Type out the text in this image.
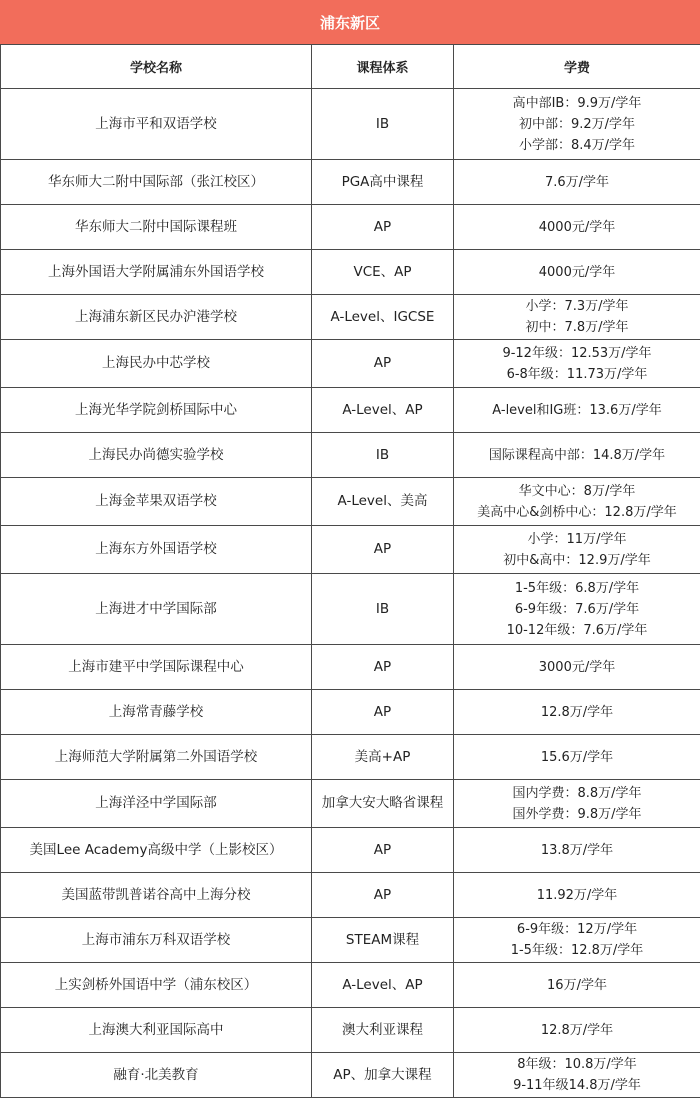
浦东新区
学校名称	课程体系	学费
上海市平和双语学校	IB	高中部IB：9.9万/学年
初中部：9.2万/学年
小学部：8.4万/学年

华东师大二附中国际部（张江校区）	PGA高中课程	7.6万/学年

华东师大二附中国际课程班	AP	4000元/学年

上海外国语大学附属浦东外国语学校	VCE、AP	4000元/学年

上海浦东新区民办沪港学校	A-Level、IGCSE	小学：7.3万/学年
初中：7.8万/学年

上海民办中芯学校	AP	9-12年级：12.53万/学年
6-8年级：11.73万/学年

上海光华学院剑桥国际中心	A-Level、AP	A-level和IG班：13.6万/学年

上海民办尚德实验学校	IB	国际课程高中部：14.8万/学年

上海金苹果双语学校	A-Level、美高	华文中心：8万/学年
美高中心&剑桥中心：12.8万/学年

上海东方外国语学校	AP	小学：11万/学年
初中&高中：12.9万/学年

上海进才中学国际部	IB	1-5年级：6.8万/学年
6-9年级：7.6万/学年
10-12年级：7.6万/学年

上海市建平中学国际课程中心	AP	3000元/学年

上海常青藤学校	AP	12.8万/学年

上海师范大学附属第二外国语学校	美高+AP	15.6万/学年

上海洋泾中学国际部	加拿大安大略省课程	国内学费：8.8万/学年
国外学费：9.8万/学年

美国Lee Academy高级中学（上影校区）	AP	13.8万/学年

美国蓝带凯普诺谷高中上海分校	AP	11.92万/学年

上海市浦东万科双语学校	STEAM课程	6-9年级：12万/学年
1-5年级：12.8万/学年

上实剑桥外国语中学（浦东校区）	A-Level、AP	16万/学年

上海澳大利亚国际高中	澳大利亚课程	12.8万/学年

融育·北美教育	AP、加拿大课程	8年级：10.8万/学年
9-11年级14.8万/学年
